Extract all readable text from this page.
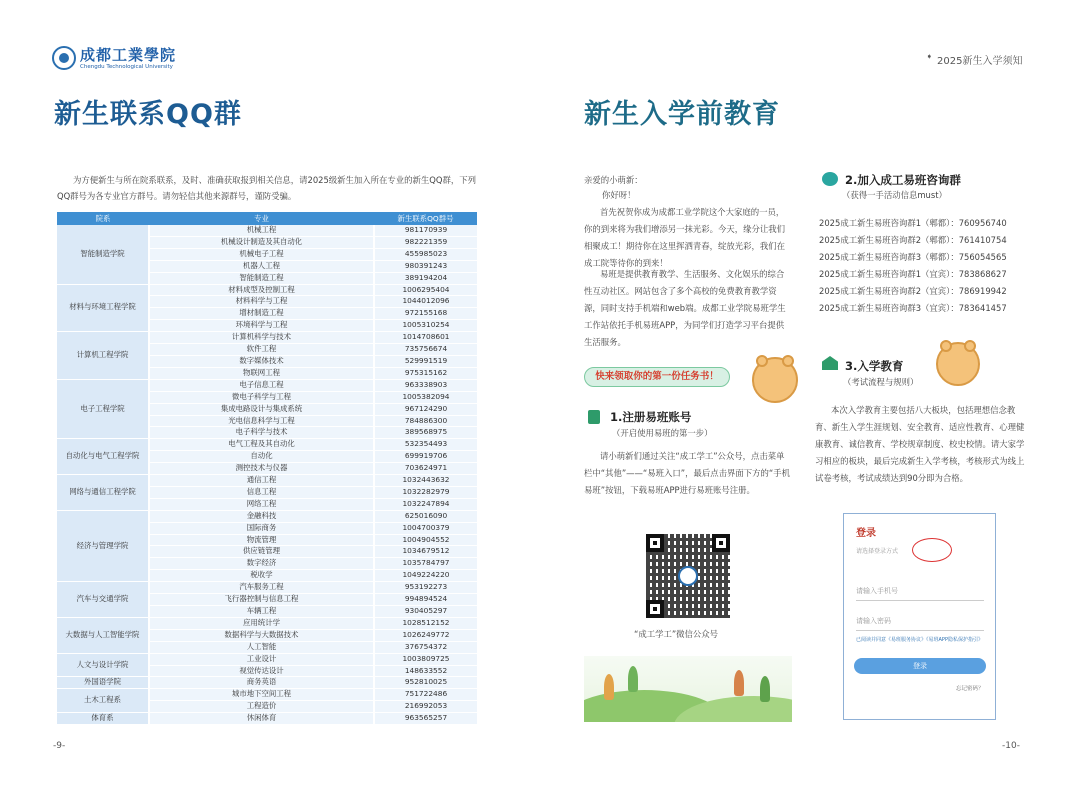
成都工業學院
Chengdu Technological University
新生联系QQ群
为方便新生与所在院系联系，及时、准确获取报到相关信息，请2025级新生加入所在专业的新生QQ群，下列QQ群号为各专业官方群号。请勿轻信其他来源群号，谨防受骗。
院系	专业	新生联系QQ群号
智能制造学院	机械工程	981170939
	机械设计制造及其自动化	982221359
	机械电子工程	455985023
	机器人工程	980391243
	智能制造工程	389194204
材料与环境工程学院	材料成型及控制工程	1006295404
	材料科学与工程	1044012096
	增材制造工程	972155168
	环境科学与工程	1005310254
计算机工程学院	计算机科学与技术	1014708601
	软件工程	735756674
	数字媒体技术	529991519
	物联网工程	975315162
电子工程学院	电子信息工程	963338903
	微电子科学与工程	1005382094
	集成电路设计与集成系统	967124290
	光电信息科学与工程	784886300
	电子科学与技术	389568975
自动化与电气工程学院	电气工程及其自动化	532354493
	自动化	699919706
	测控技术与仪器	703624971
网络与通信工程学院	通信工程	1032443632
	信息工程	1032282979
	网络工程	1032247894
经济与管理学院	金融科技	625016090
	国际商务	1004700379
	物流管理	1004904552
	供应链管理	1034679512
	数字经济	1035784797
	税收学	1049224220
汽车与交通学院	汽车服务工程	953192273
	飞行器控制与信息工程	994894524
	车辆工程	930405297
大数据与人工智能学院	应用统计学	1028512152
	数据科学与大数据技术	1026249772
	人工智能	376754372
人文与设计学院	工业设计	1003809725
	视觉传达设计	148633552
外国语学院	商务英语	952810025
土木工程系	城市地下空间工程	751722486
	工程造价	216992053
体育系	休闲体育	963565257
-9-
➧ 2025新生入学须知
新生入学前教育
亲爱的小萌新：
你好呀！
首先祝贺你成为成都工业学院这个大家庭的一员，你的到来将为我们增添另一抹光彩。今天，缘分让我们相聚成工！期待你在这里挥洒青春，绽放光彩，我们在成工院等待你的到来！
易班是提供教育教学、生活服务、文化娱乐的综合性互动社区。网站包含了多个高校的免费教育教学资源，同时支持手机端和web端。成都工业学院易班学生工作站依托手机易班APP，为同学们打造学习平台提供生活服务。
快来领取你的第一份任务书！
1.注册易班账号
（开启使用易班的第一步）
请小萌新们通过关注“成工学工”公众号，点击菜单栏中“其他”——“易班入口”，最后点击界面下方的“手机易班”按钮，下载易班APP进行易班账号注册。
“成工学工”微信公众号
2.加入成工易班咨询群
（获得一手活动信息must）
2025成工新生易班咨询群1（郫都）：760956740
2025成工新生易班咨询群2（郫都）：761410754
2025成工新生易班咨询群3（郫都）：756054565
2025成工新生易班咨询群1（宜宾）：783868627
2025成工新生易班咨询群2（宜宾）：786919942
2025成工新生易班咨询群3（宜宾）：783641457
3.入学教育
（考试流程与规则）
本次入学教育主要包括八大板块，包括理想信念教育、新生入学生涯规划、安全教育、适应性教育、心理健康教育、诚信教育、学校规章制度、校史校情。请大家学习相应的板块，最后完成新生入学考核，考核形式为线上试卷考核，考试成绩达到90分即为合格。
登录
请选择登录方式
请输入手机号
请输入密码
已阅读并同意《易班服务协议》《易班APP隐私保护指引》
登录
忘记密码？
-10-
